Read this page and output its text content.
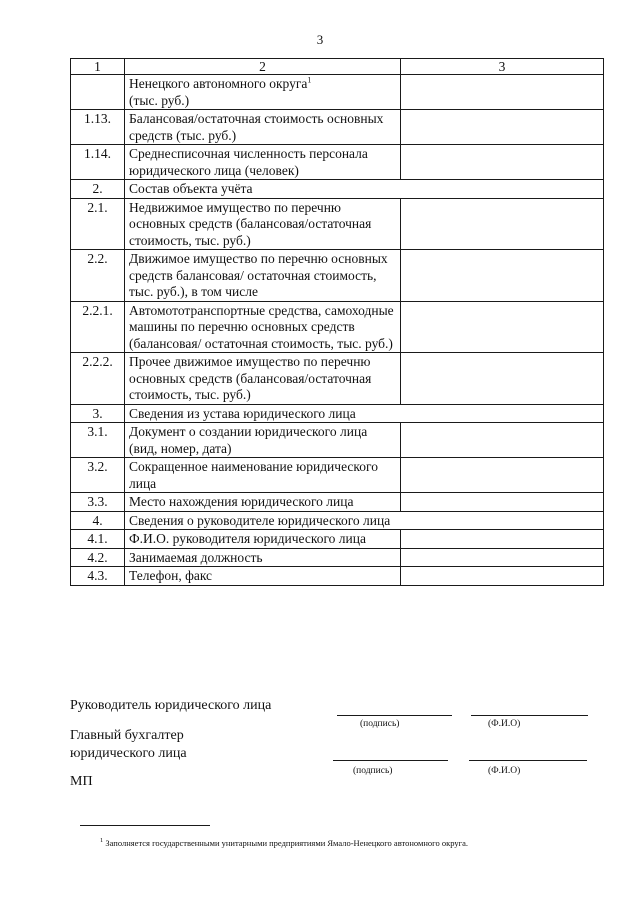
3
1	2	3
	Ненецкого автономного округа$^1$
(тыс. руб.)	
1.13.	Балансовая/остаточная стоимость основных средств (тыс. руб.)	
1.14.	Среднесписочная численность персонала юридического лица (человек)	
2.	Состав объекта учёта	
2.1.	Недвижимое имущество по перечню основных средств (балансовая/остаточная стоимость, тыс. руб.)	
2.2.	Движимое имущество по перечню основных средств балансовая/ остаточная стоимость, тыс. руб.), в том числе	
2.2.1.	Автомототранспортные средства, самоходные машины по перечню основных средств (балансовая/ остаточная стоимость, тыс. руб.)	
2.2.2.	Прочее движимое имущество по перечню основных средств (балансовая/остаточная стоимость, тыс. руб.)	
3.	Сведения из устава юридического лица	
3.1.	Документ о создании юридического лица (вид, номер, дата)	
3.2.	Сокращенное наименование юридического лица	
3.3.	Место нахождения юридического лица	
4.	Сведения о руководителе юридического лица	
4.1.	Ф.И.О. руководителя юридического лица	
4.2.	Занимаемая должность	
4.3.	Телефон, факс	
Руководитель юридического лица
(подпись)	(Ф.И.О)
Главный бухгалтер
юридического лица
(подпись)	(Ф.И.О)
МП
$^1$ Заполняется государственными унитарными предприятиями Ямало-Ненецкого автономного округа.
